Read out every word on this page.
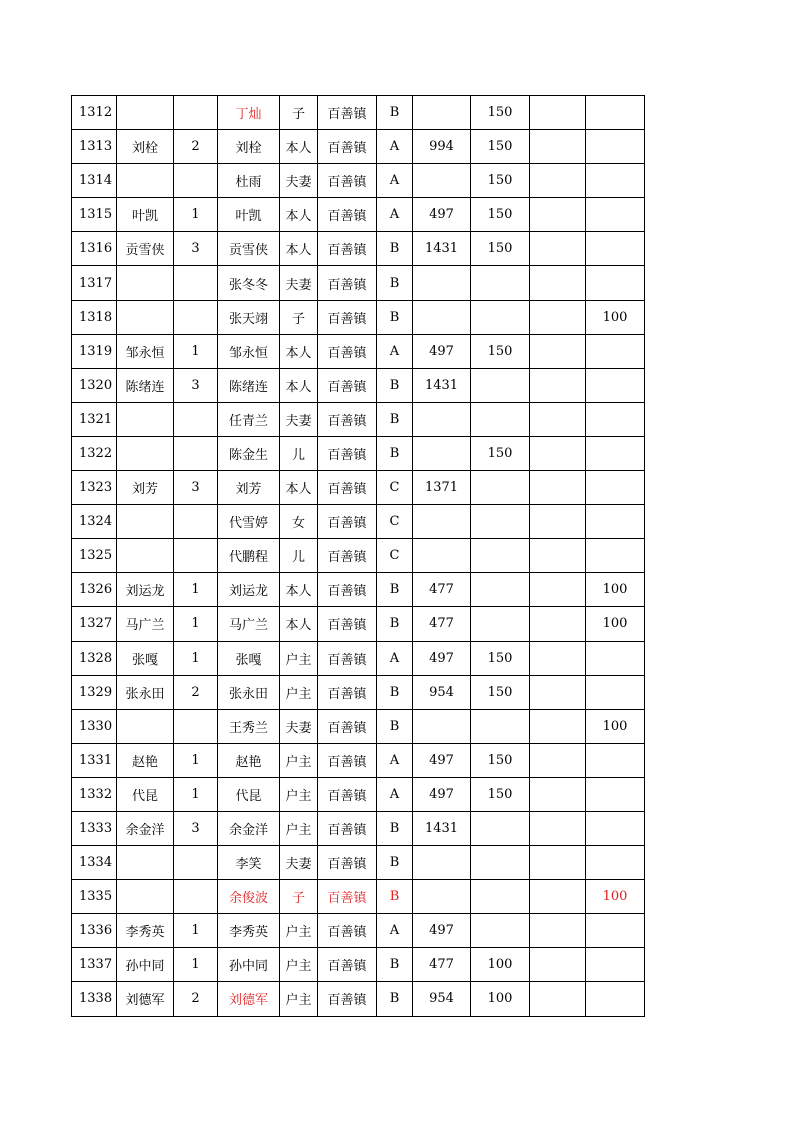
1312			丁灿	子	百善镇	B		150		
1313	刘栓	2	刘栓	本人	百善镇	A	994	150		
1314			杜雨	夫妻	百善镇	A		150		
1315	叶凯	1	叶凯	本人	百善镇	A	497	150		
1316	贡雪侠	3	贡雪侠	本人	百善镇	B	1431	150		
1317			张冬冬	夫妻	百善镇	B				
1318			张天翊	子	百善镇	B				100
1319	邹永恒	1	邹永恒	本人	百善镇	A	497	150		
1320	陈绪连	3	陈绪连	本人	百善镇	B	1431			
1321			任青兰	夫妻	百善镇	B				
1322			陈金生	儿	百善镇	B		150		
1323	刘芳	3	刘芳	本人	百善镇	C	1371			
1324			代雪婷	女	百善镇	C				
1325			代鹏程	儿	百善镇	C				
1326	刘运龙	1	刘运龙	本人	百善镇	B	477			100
1327	马广兰	1	马广兰	本人	百善镇	B	477			100
1328	张嘎	1	张嘎	户主	百善镇	A	497	150		
1329	张永田	2	张永田	户主	百善镇	B	954	150		
1330			王秀兰	夫妻	百善镇	B				100
1331	赵艳	1	赵艳	户主	百善镇	A	497	150		
1332	代昆	1	代昆	户主	百善镇	A	497	150		
1333	余金洋	3	余金洋	户主	百善镇	B	1431			
1334			李笑	夫妻	百善镇	B				
1335			余俊波	子	百善镇	B				100
1336	李秀英	1	李秀英	户主	百善镇	A	497			
1337	孙中同	1	孙中同	户主	百善镇	B	477	100		
1338	刘德军	2	刘德军	户主	百善镇	B	954	100		
